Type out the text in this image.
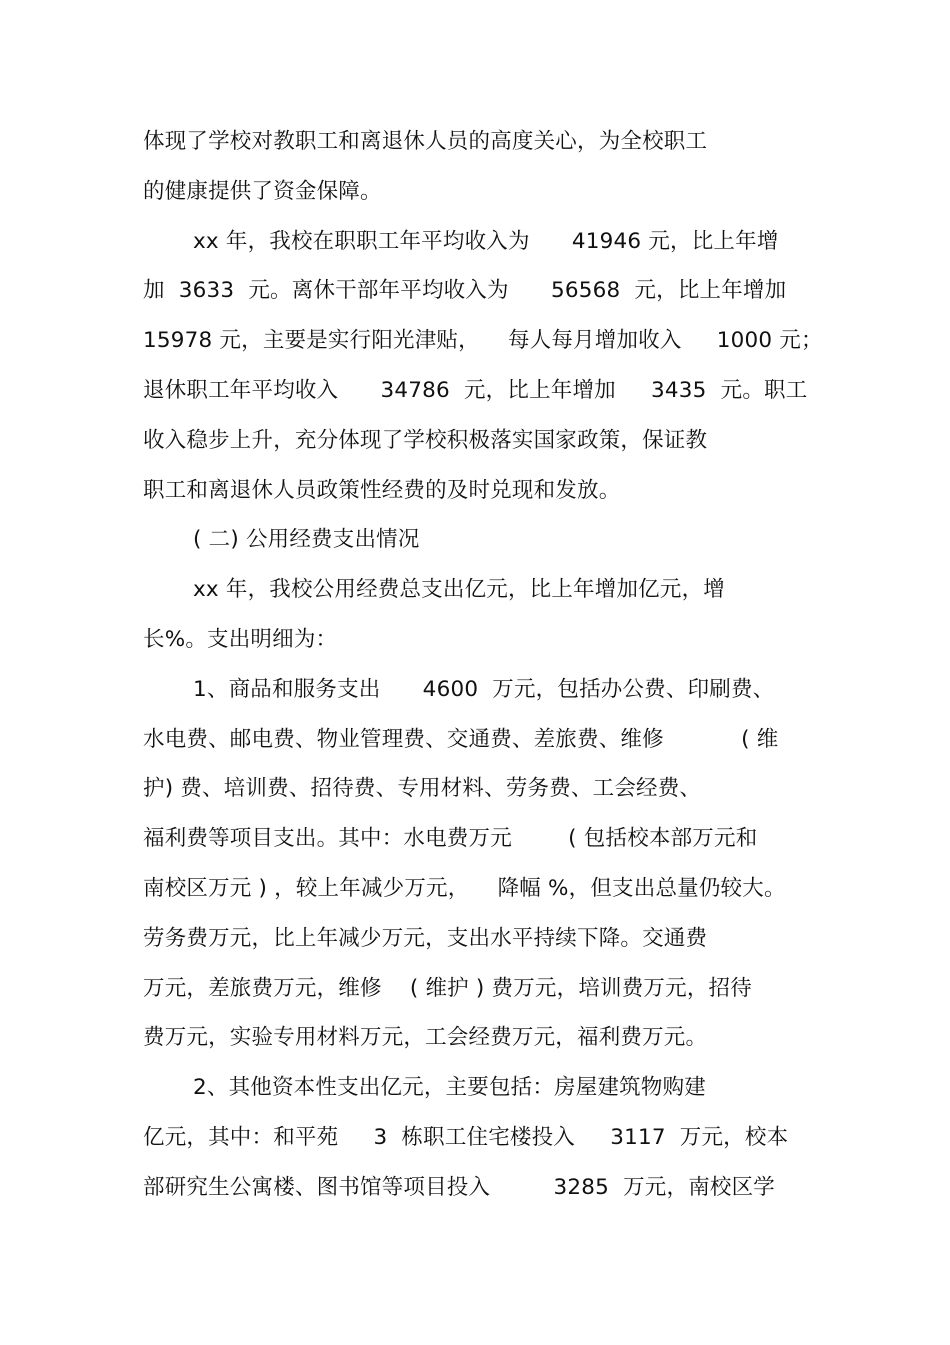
体现了学校对教职工和离退休人员的高度关心，为全校职工
的健康提供了资金保障。
xx 年，我校在职职工年平均收入为      41946 元，比上年增
加  3633  元。离休干部年平均收入为      56568  元，比上年增加
15978 元，主要是实行阳光津贴，    每人每月增加收入     1000 元；
退休职工年平均收入      34786  元，比上年增加     3435  元。职工
收入稳步上升，充分体现了学校积极落实国家政策，保证教
职工和离退休人员政策性经费的及时兑现和发放。
( 二) 公用经费支出情况
xx 年，我校公用经费总支出亿元，比上年增加亿元，增
长%。支出明细为：
1、商品和服务支出      4600  万元，包括办公费、印刷费、
水电费、邮电费、物业管理费、交通费、差旅费、维修           ( 维
护) 费、培训费、招待费、专用材料、劳务费、工会经费、
福利费等项目支出。其中：水电费万元        ( 包括校本部万元和
南校区万元 ) ，较上年减少万元，    降幅 %，但支出总量仍较大。
劳务费万元，比上年减少万元，支出水平持续下降。交通费
万元，差旅费万元，维修    ( 维护 ) 费万元，培训费万元，招待
费万元，实验专用材料万元，工会经费万元，福利费万元。
2、其他资本性支出亿元，主要包括：房屋建筑物购建
亿元，其中：和平苑     3  栋职工住宅楼投入     3117  万元，校本
部研究生公寓楼、图书馆等项目投入         3285  万元，南校区学
